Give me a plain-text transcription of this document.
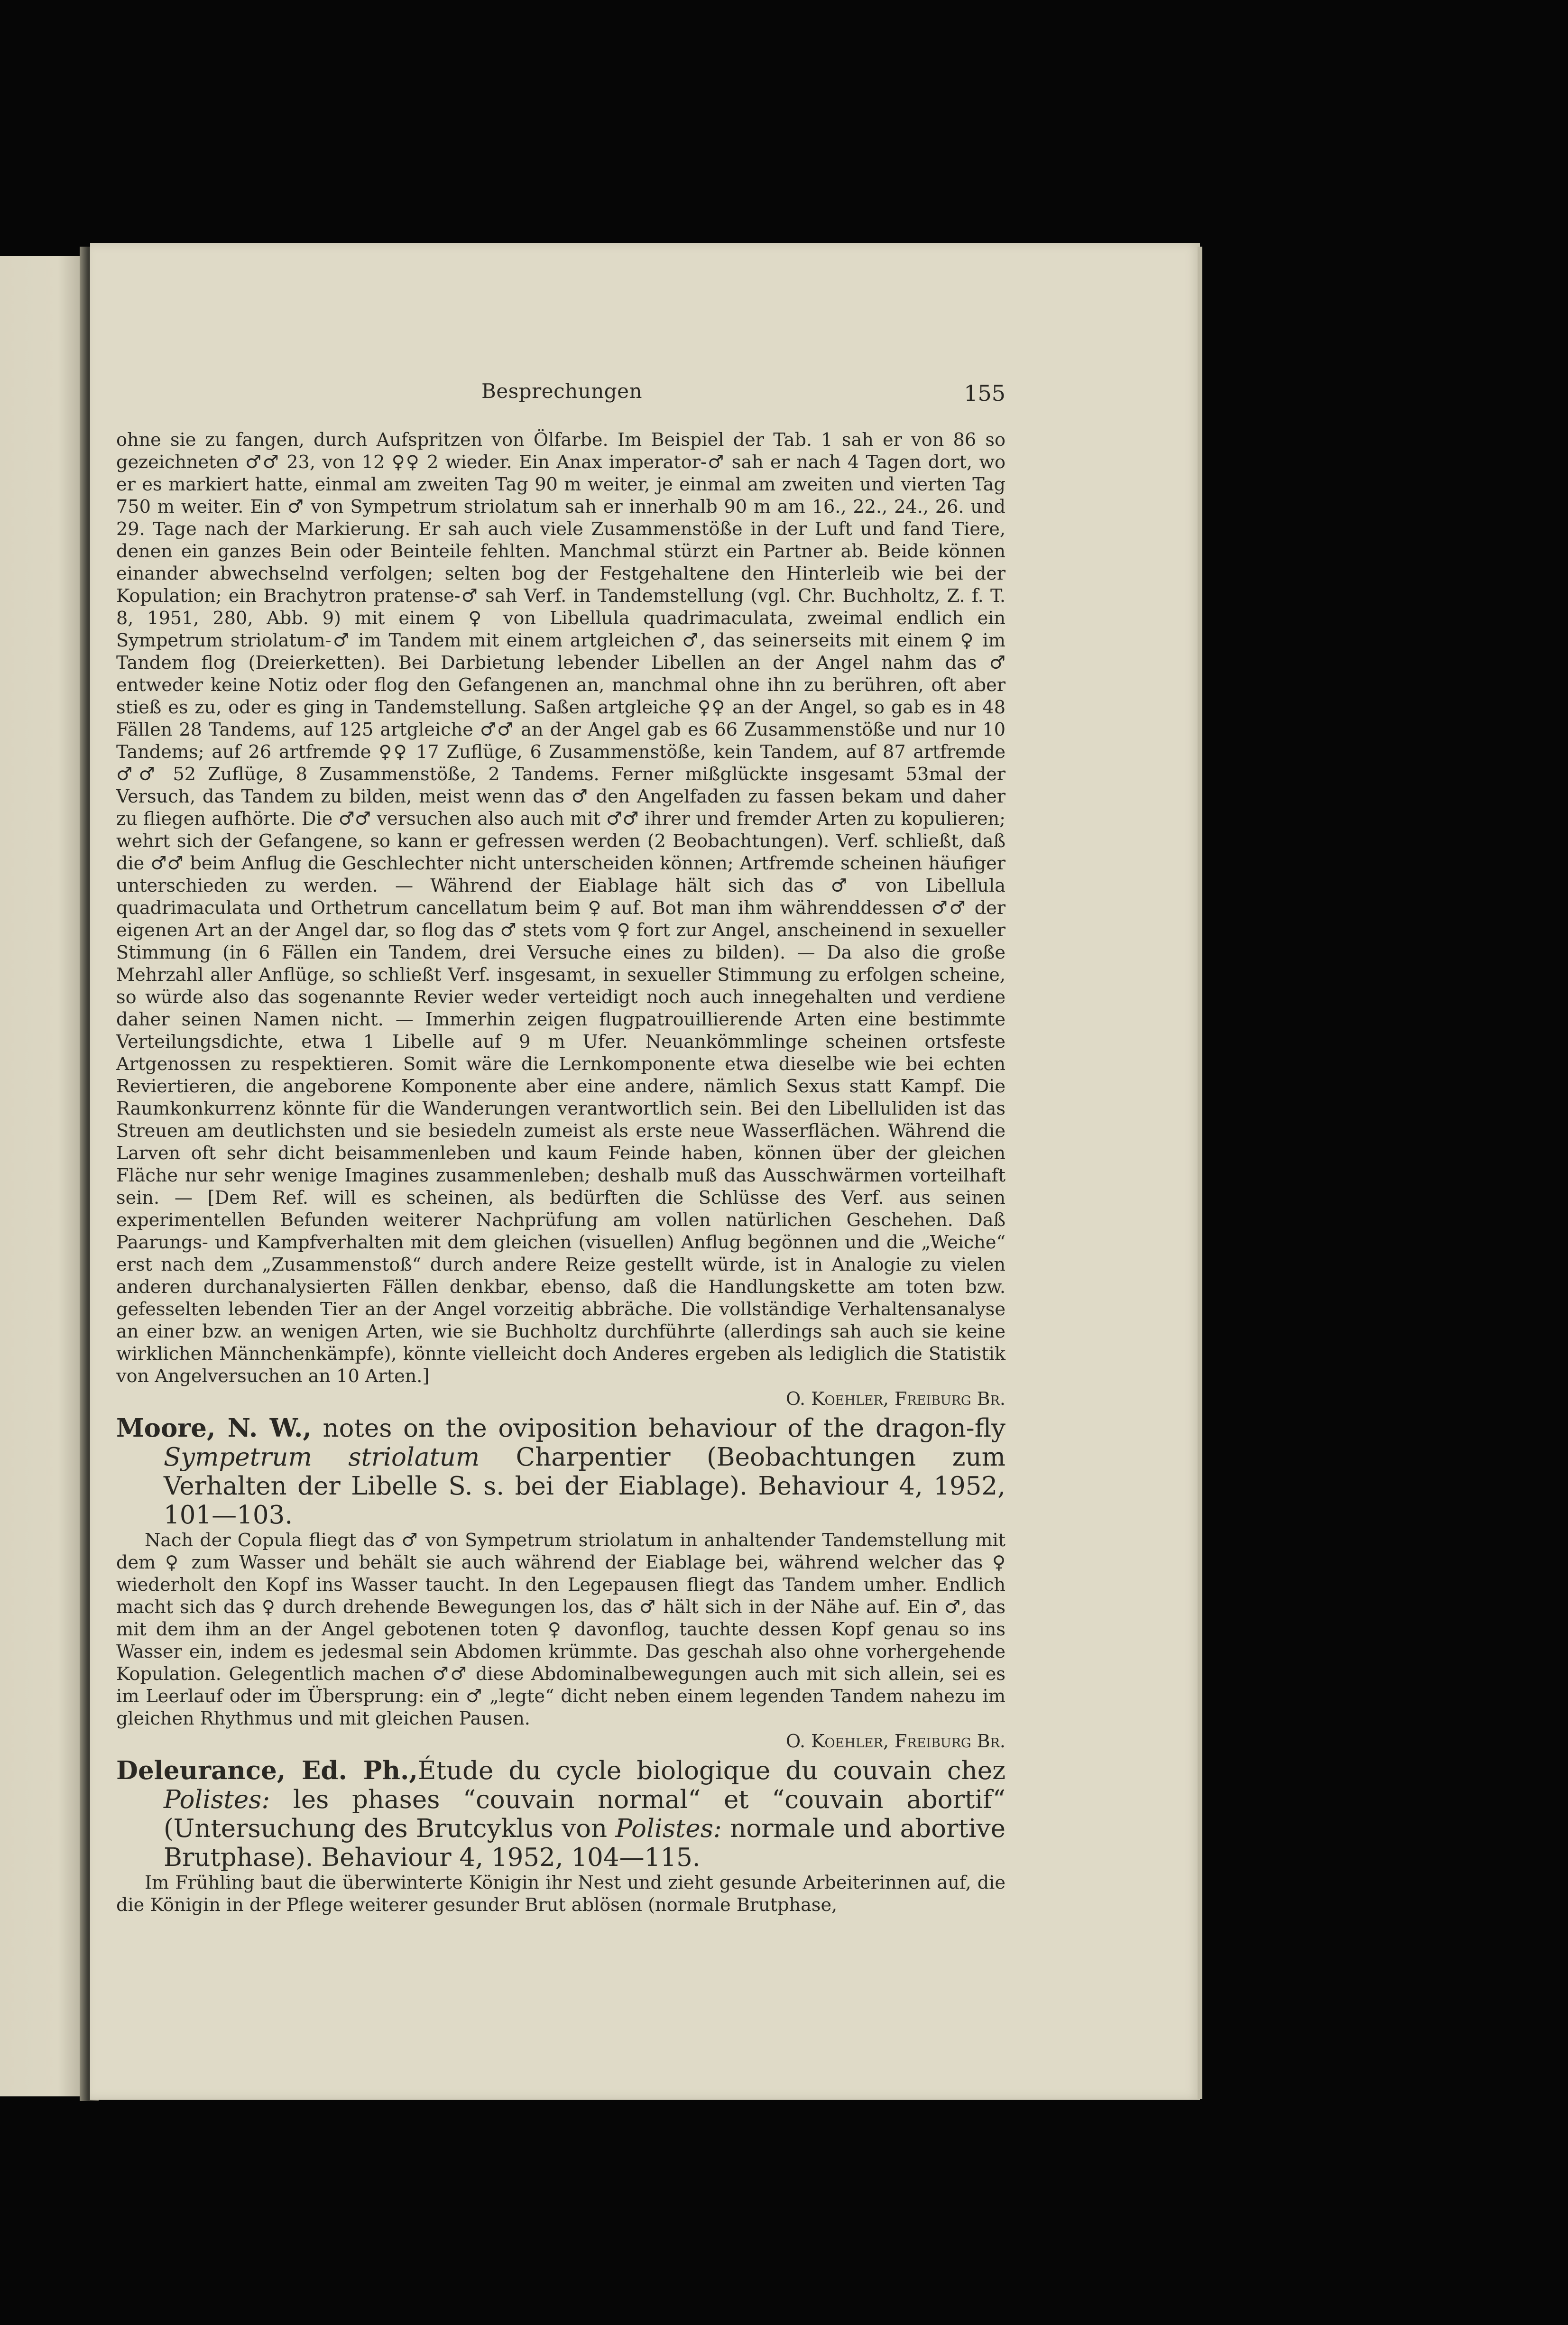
Besprechungen	155

ohne sie zu fangen, durch Aufspritzen von Ölfarbe. Im Beispiel der Tab. 1 sah er von 86 so gezeichneten ♂♂ 23, von 12 ♀♀ 2 wieder. Ein Anax imperator-♂ sah er nach 4 Tagen dort, wo er es markiert hatte, einmal am zweiten Tag 90 m weiter, je einmal am zweiten und vierten Tag 750 m weiter. Ein ♂ von Sympetrum striolatum sah er innerhalb 90 m am 16., 22., 24., 26. und 29. Tage nach der Markierung. Er sah auch viele Zusammenstöße in der Luft und fand Tiere, denen ein ganzes Bein oder Beinteile fehlten. Manchmal stürzt ein Partner ab. Beide können einander abwechselnd verfolgen; selten bog der Festgehaltene den Hinterleib wie bei der Kopulation; ein Brachytron pratense-♂ sah Verf. in Tandemstellung (vgl. Chr. Buchholtz, Z. f. T. 8, 1951, 280, Abb. 9) mit einem ♀ von Libellula quadrimaculata, zweimal endlich ein Sympetrum striolatum-♂ im Tandem mit einem artgleichen ♂, das seinerseits mit einem ♀ im Tandem flog (Dreierketten). Bei Darbietung lebender Libellen an der Angel nahm das ♂ entweder keine Notiz oder flog den Gefangenen an, manchmal ohne ihn zu berühren, oft aber stieß es zu, oder es ging in Tandemstellung. Saßen artgleiche ♀♀ an der Angel, so gab es in 48 Fällen 28 Tandems, auf 125 artgleiche ♂♂ an der Angel gab es 66 Zusammenstöße und nur 10 Tandems; auf 26 artfremde ♀♀ 17 Zuflüge, 6 Zusammenstöße, kein Tandem, auf 87 artfremde ♂♂ 52 Zuflüge, 8 Zusammenstöße, 2 Tandems. Ferner mißglückte insgesamt 53mal der Versuch, das Tandem zu bilden, meist wenn das ♂ den Angelfaden zu fassen bekam und daher zu fliegen aufhörte. Die ♂♂ versuchen also auch mit ♂♂ ihrer und fremder Arten zu kopulieren; wehrt sich der Gefangene, so kann er gefressen werden (2 Beobachtungen). Verf. schließt, daß die ♂♂ beim Anflug die Geschlechter nicht unterscheiden können; Artfremde scheinen häufiger unterschieden zu werden. — Während der Eiablage hält sich das ♂ von Libellula quadrimaculata und Orthetrum cancellatum beim ♀ auf. Bot man ihm währenddessen ♂♂ der eigenen Art an der Angel dar, so flog das ♂ stets vom ♀ fort zur Angel, anscheinend in sexueller Stimmung (in 6 Fällen ein Tandem, drei Versuche eines zu bilden). — Da also die große Mehrzahl aller Anflüge, so schließt Verf. insgesamt, in sexueller Stimmung zu erfolgen scheine, so würde also das sogenannte Revier weder verteidigt noch auch innegehalten und verdiene daher seinen Namen nicht. — Immerhin zeigen flugpatrouillierende Arten eine bestimmte Verteilungsdichte, etwa 1 Libelle auf 9 m Ufer. Neuankömmlinge scheinen ortsfeste Artgenossen zu respektieren. Somit wäre die Lernkomponente etwa dieselbe wie bei echten Reviertieren, die angeborene Komponente aber eine andere, nämlich Sexus statt Kampf. Die Raumkonkurrenz könnte für die Wanderungen verantwortlich sein. Bei den Libelluliden ist das Streuen am deutlichsten und sie besiedeln zumeist als erste neue Wasserflächen. Während die Larven oft sehr dicht beisammenleben und kaum Feinde haben, können über der gleichen Fläche nur sehr wenige Imagines zusammenleben; deshalb muß das Ausschwärmen vorteilhaft sein. — [Dem Ref. will es scheinen, als bedürften die Schlüsse des Verf. aus seinen experimentellen Befunden weiterer Nachprüfung am vollen natürlichen Geschehen. Daß Paarungs- und Kampfverhalten mit dem gleichen (visuellen) Anflug begönnen und die „Weiche“ erst nach dem „Zusammenstoß“ durch andere Reize gestellt würde, ist in Analogie zu vielen anderen durchanalysierten Fällen denkbar, ebenso, daß die Handlungskette am toten bzw. gefesselten lebenden Tier an der Angel vorzeitig abbräche. Die vollständige Verhaltensanalyse an einer bzw. an wenigen Arten, wie sie Buchholtz durchführte (allerdings sah auch sie keine wirklichen Männchenkämpfe), könnte vielleicht doch Anderes ergeben als lediglich die Statistik von Angelversuchen an 10 Arten.]

O. Koehler, Freiburg Br.

Moore, N. W., notes on the oviposition behaviour of the dragon-fly Sympetrum striolatum Charpentier (Beobachtungen zum Verhalten der Libelle S. s. bei der Eiablage). Behaviour 4, 1952, 101—103.

Nach der Copula fliegt das ♂ von Sympetrum striolatum in anhaltender Tandemstellung mit dem ♀ zum Wasser und behält sie auch während der Eiablage bei, während welcher das ♀ wiederholt den Kopf ins Wasser taucht. In den Legepausen fliegt das Tandem umher. Endlich macht sich das ♀ durch drehende Bewegungen los, das ♂ hält sich in der Nähe auf. Ein ♂, das mit dem ihm an der Angel gebotenen toten ♀ davonflog, tauchte dessen Kopf genau so ins Wasser ein, indem es jedesmal sein Abdomen krümmte. Das geschah also ohne vorhergehende Kopulation. Gelegentlich machen ♂♂ diese Abdominalbewegungen auch mit sich allein, sei es im Leerlauf oder im Übersprung: ein ♂ „legte“ dicht neben einem legenden Tandem nahezu im gleichen Rhythmus und mit gleichen Pausen.

O. Koehler, Freiburg Br.

Deleurance, Ed. Ph.,Étude du cycle biologique du couvain chez Polistes: les phases “couvain normal“ et “couvain abortif“ (Untersuchung des Brutcyklus von Polistes: normale und abortive Brutphase). Behaviour 4, 1952, 104—115.

Im Frühling baut die überwinterte Königin ihr Nest und zieht gesunde Arbeiterinnen auf, die die Königin in der Pflege weiterer gesunder Brut ablösen (normale Brutphase,
